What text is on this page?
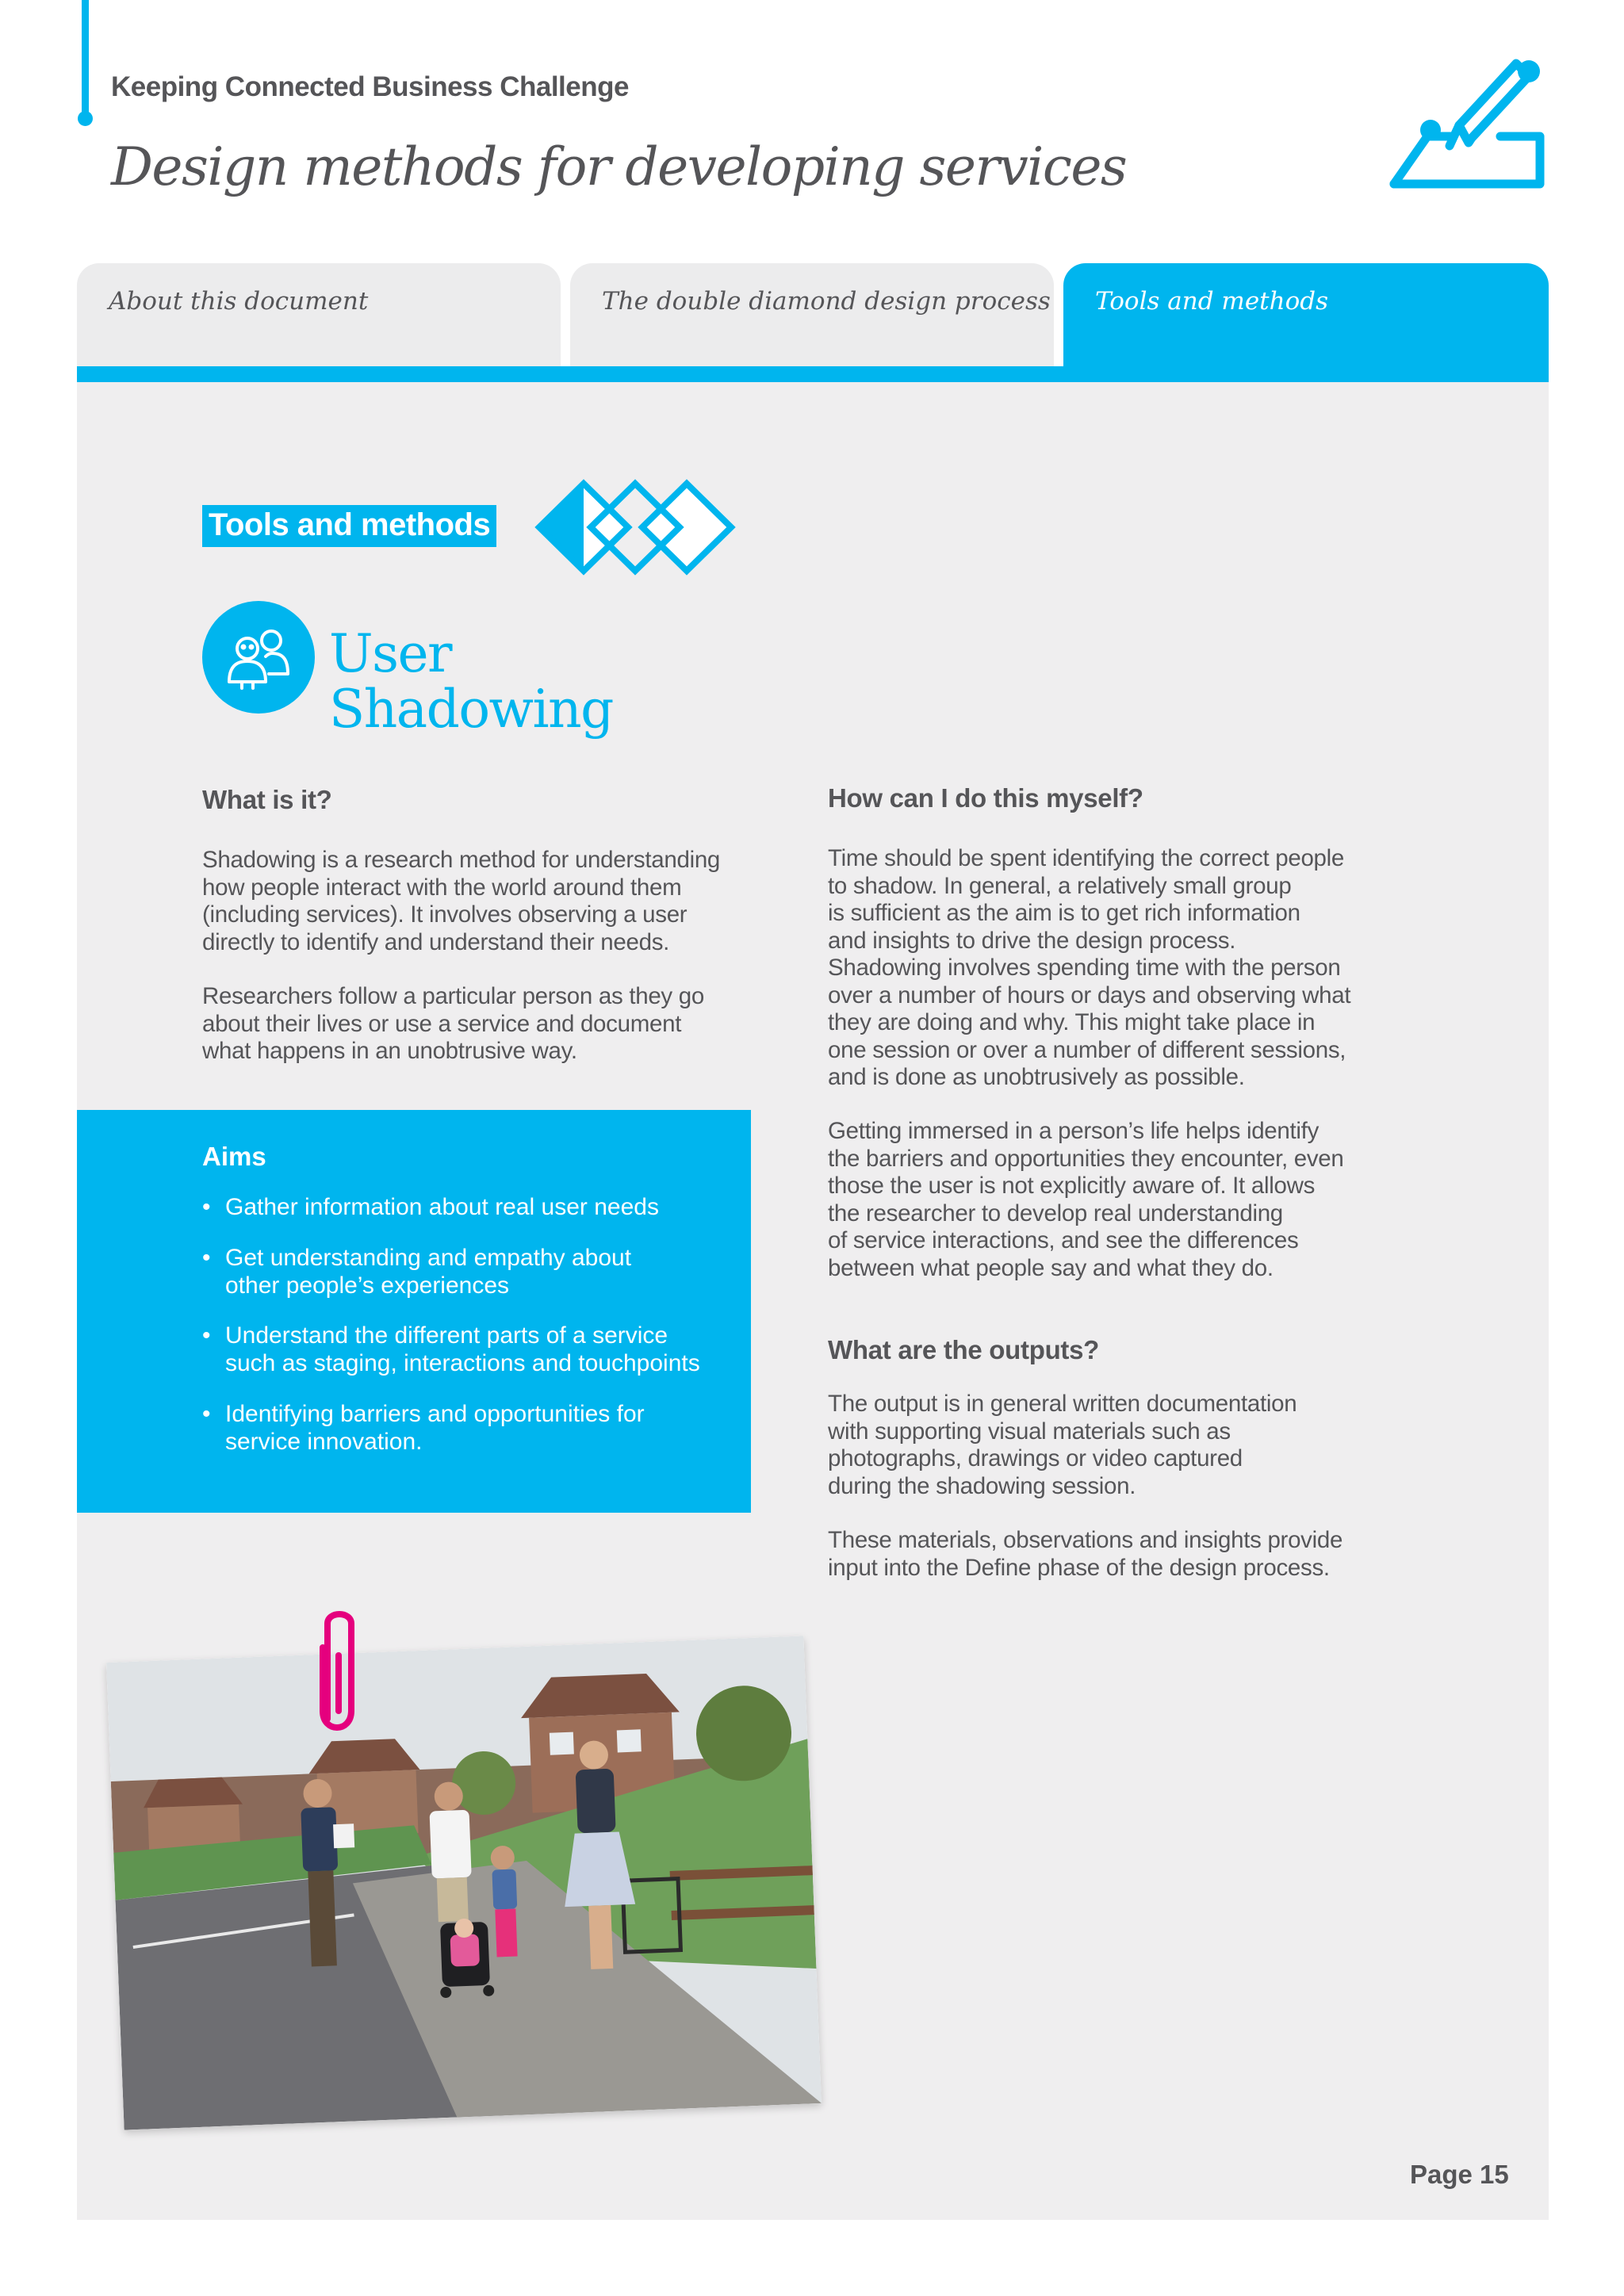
Keeping Connected Business Challenge
Design methods for developing services
About this document	The double diamond design process	Tools and methods
Tools and methods
User
Shadowing
What is it?
Shadowing is a research method for understanding
how people interact with the world around them
(including services). It involves observing a user
directly to identify and understand their needs.
Researchers follow a particular person as they go
about their lives or use a service and document
what happens in an unobtrusive way.
Aims
• Gather information about real user needs
• Get understanding and empathy about
other people’s experiences
• Understand the different parts of a service
such as staging, interactions and touchpoints
• Identifying barriers and opportunities for
service innovation.
How can I do this myself?
Time should be spent identifying the correct people
to shadow. In general, a relatively small group
is sufficient as the aim is to get rich information
and insights to drive the design process.
Shadowing involves spending time with the person
over a number of hours or days and observing what
they are doing and why. This might take place in
one session or over a number of different sessions,
and is done as unobtrusively as possible.
Getting immersed in a person’s life helps identify
the barriers and opportunities they encounter, even
those the user is not explicitly aware of. It allows
the researcher to develop real understanding
of service interactions, and see the differences
between what people say and what they do.
What are the outputs?
The output is in general written documentation
with supporting visual materials such as
photographs, drawings or video captured
during the shadowing session.
These materials, observations and insights provide
input into the Define phase of the design process.
Page 15
